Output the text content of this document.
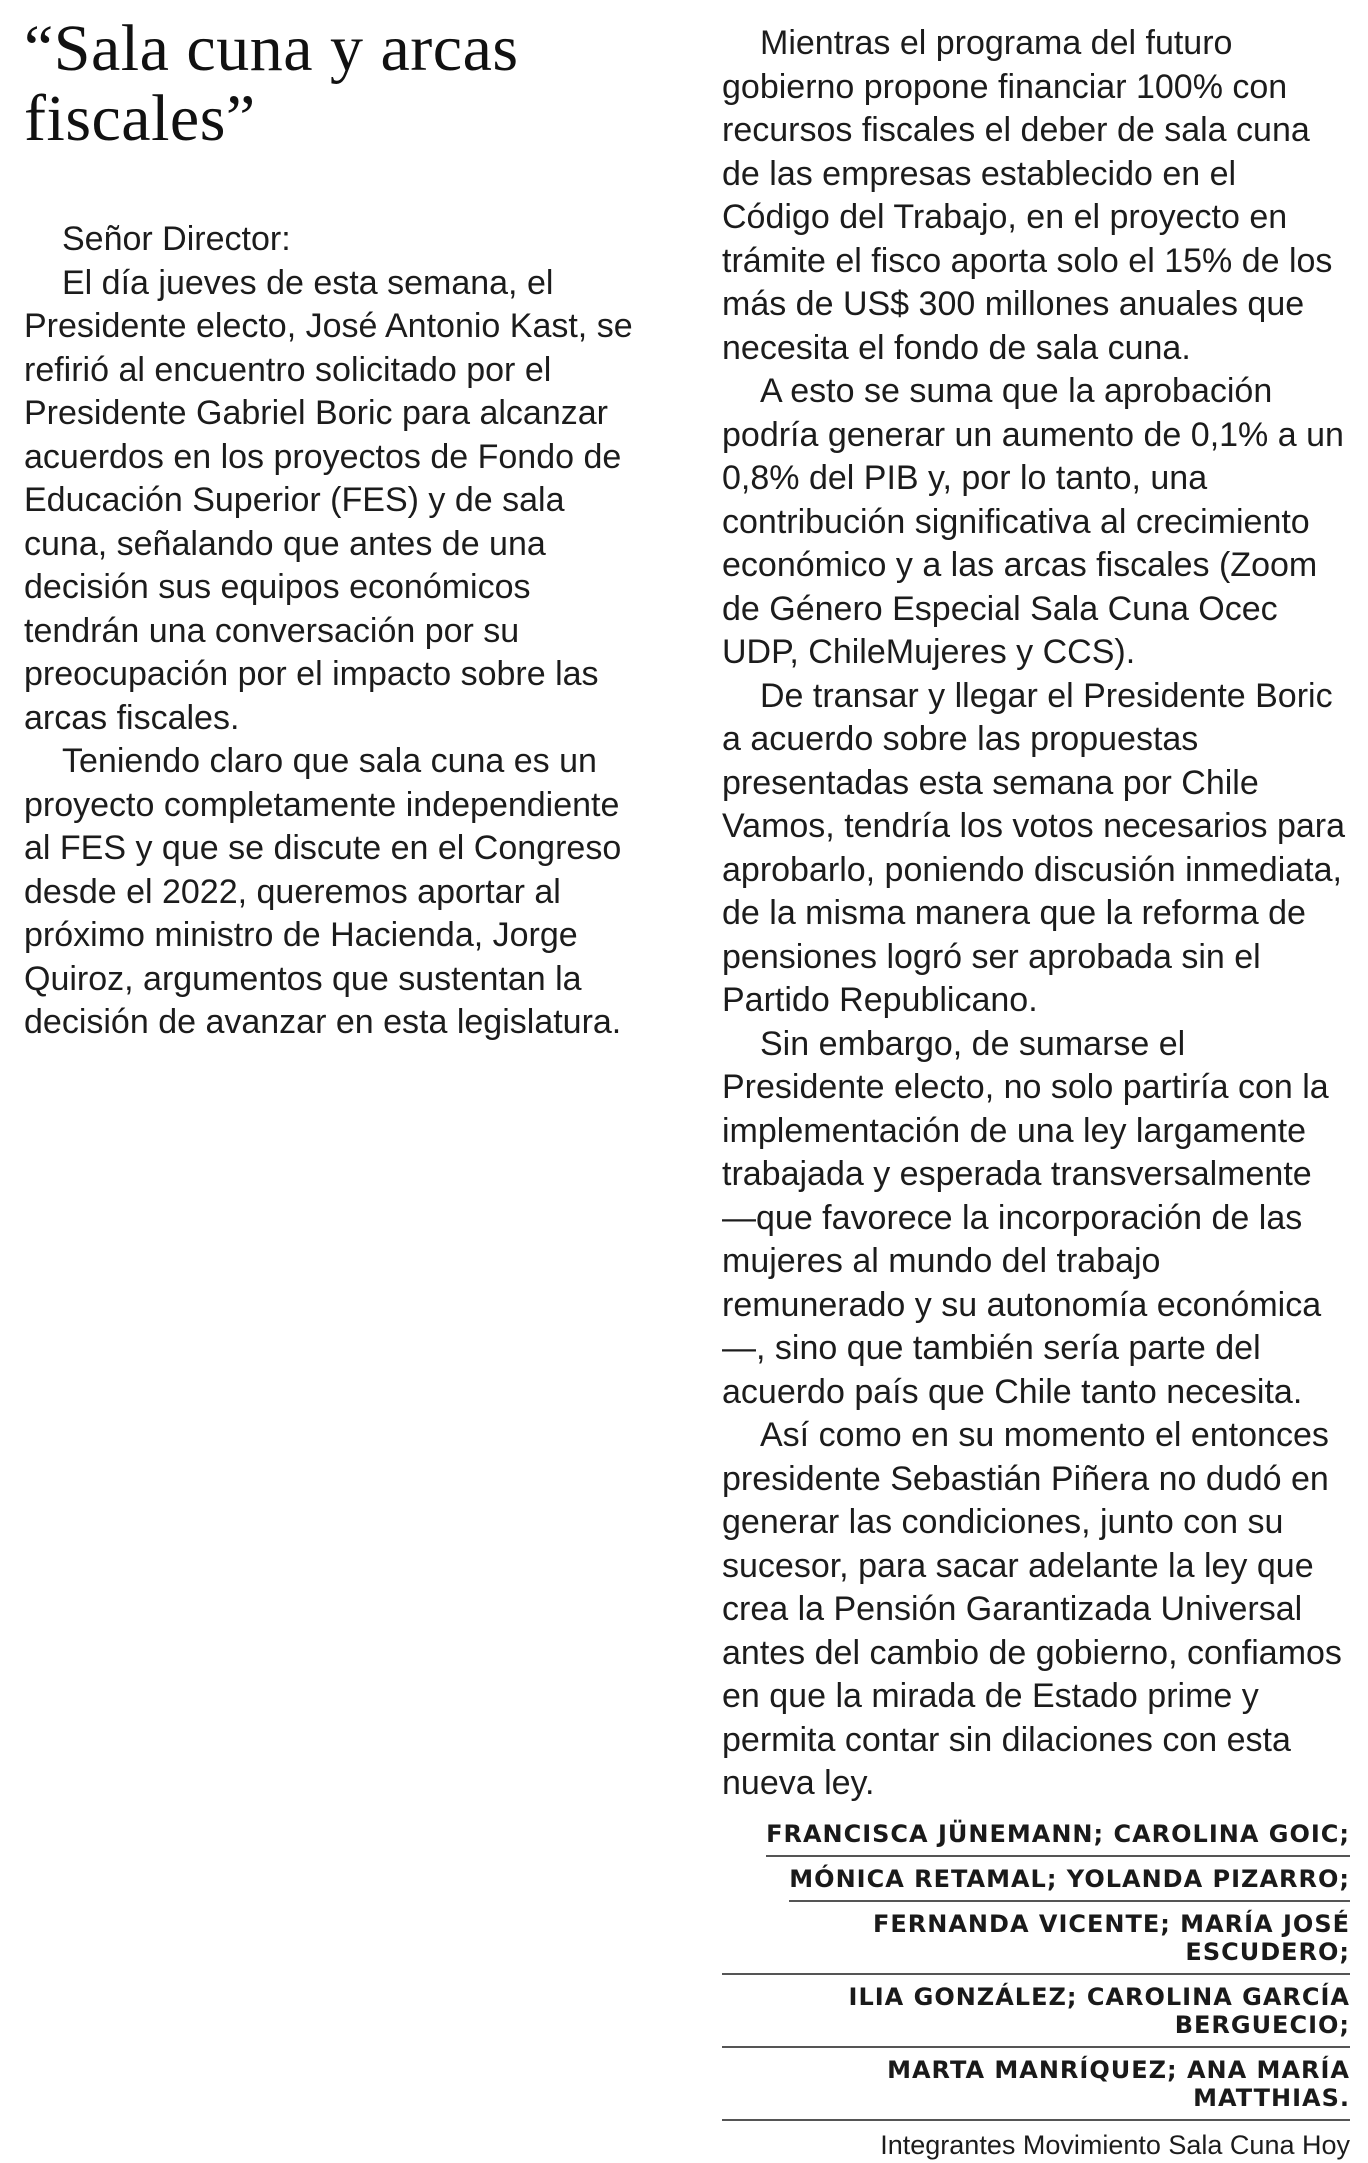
“Sala cuna y arcas
fiscales”

Señor Director:

El día jueves de esta semana, el Presidente electo, José Antonio Kast, se refirió al encuentro solicitado por el Presidente Gabriel Boric para alcanzar acuerdos en los proyectos de Fondo de Educación Superior (FES) y de sala cuna, señalando que antes de una decisión sus equipos económicos tendrán una conversación por su preocupación por el impacto sobre las arcas fiscales.

Teniendo claro que sala cuna es un proyecto completamente independiente al FES y que se discute en el Congreso desde el 2022, queremos aportar al próximo ministro de Hacienda, Jorge Quiroz, argumentos que sustentan la decisión de avanzar en esta legislatura.

Mientras el programa del futuro gobierno propone financiar 100% con recursos fiscales el deber de sala cuna de las empresas establecido en el Código del Trabajo, en el proyecto en trámite el fisco aporta solo el 15% de los más de US$ 300 millones anuales que necesita el fondo de sala cuna.

A esto se suma que la aprobación podría generar un aumento de 0,1% a un 0,8% del PIB y, por lo tanto, una contribución significativa al crecimiento económico y a las arcas fiscales (Zoom de Género Especial Sala Cuna Ocec UDP, ChileMujeres y CCS).

De transar y llegar el Presidente Boric a acuerdo sobre las propuestas presentadas esta semana por Chile Vamos, tendría los votos necesarios para aprobarlo, poniendo discusión inmediata, de la misma manera que la reforma de pensiones logró ser aprobada sin el Partido Republicano.

Sin embargo, de sumarse el Presidente electo, no solo partiría con la implementación de una ley largamente trabajada y esperada transversalmente —que favorece la incorporación de las mujeres al mundo del trabajo remunerado y su autonomía económica—, sino que también sería parte del acuerdo país que Chile tanto necesita.

Así como en su momento el entonces presidente Sebastián Piñera no dudó en generar las condiciones, junto con su sucesor, para sacar adelante la ley que crea la Pensión Garantizada Universal antes del cambio de gobierno, confiamos en que la mirada de Estado prime y permita contar sin dilaciones con esta nueva ley.

FRANCISCA JÜNEMANN; CAROLINA GOIC;
MÓNICA RETAMAL; YOLANDA PIZARRO;
FERNANDA VICENTE; MARÍA JOSÉ ESCUDERO;
ILIA GONZÁLEZ; CAROLINA GARCÍA BERGUECIO;
MARTA MANRÍQUEZ; ANA MARÍA MATTHIAS.
Integrantes Movimiento Sala Cuna Hoy
